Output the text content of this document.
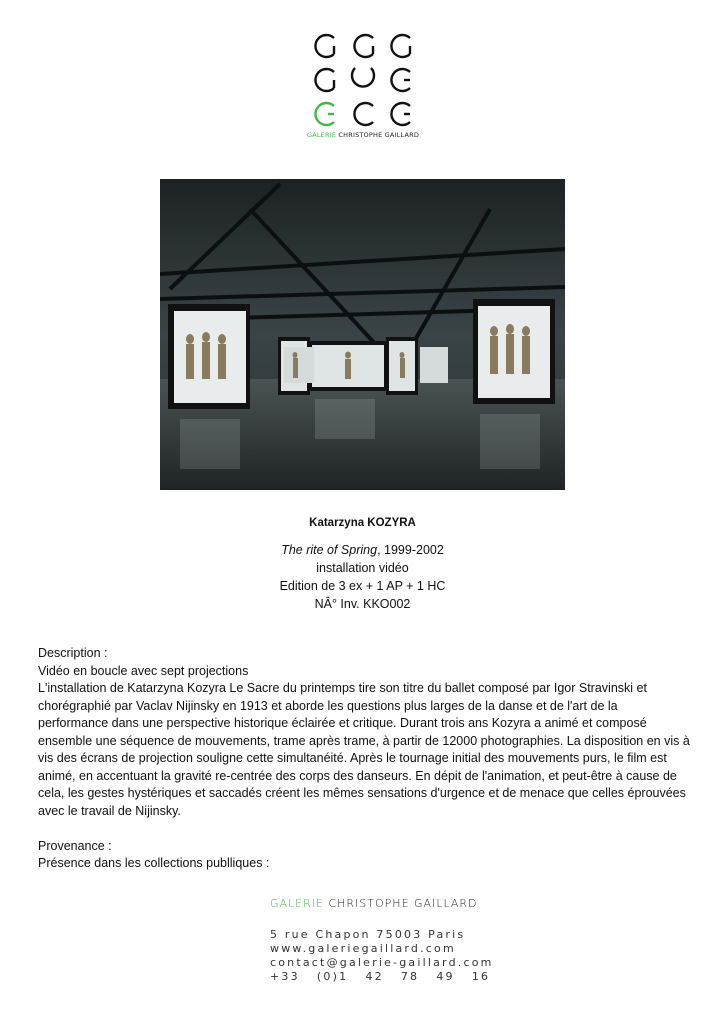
GALERIE CHRISTOPHE GAILLARD
Katarzyna KOZYRA
The rite of Spring, 1999-2002
installation vidéo
Edition de 3 ex + 1 AP + 1 HC
NÂ° Inv. KKO002

Description :

Vidéo en boucle avec sept projections

L'installation de Katarzyna Kozyra Le Sacre du printemps tire son titre du ballet composé par Igor Stravinski et chorégraphié par Vaclav Nijinsky en 1913 et aborde les questions plus larges de la danse et de l'art de la performance dans une perspective historique éclairée et critique. Durant trois ans Kozyra a animé et composé ensemble une séquence de mouvements, trame après trame, à partir de 12000 photographies. La disposition en vis à vis des écrans de projection souligne cette simultanéité. Après le tournage initial des mouvements purs, le film est animé, en accentuant la gravité re-centrée des corps des danseurs. En dépit de l'animation, et peut-être à cause de cela, les gestes hystériques et saccadés créent les mêmes sensations d'urgence et de menace que celles éprouvées avec le travail de Nijinsky.

Provenance :

Présence dans les collections publliques :

GALERIE CHRISTOPHE GAILLARD
5 rue Chapon 75003 Paris
www.galeriegaillard.com
contact@galerie-gaillard.com
+33   (0)1   42   78   49   16
